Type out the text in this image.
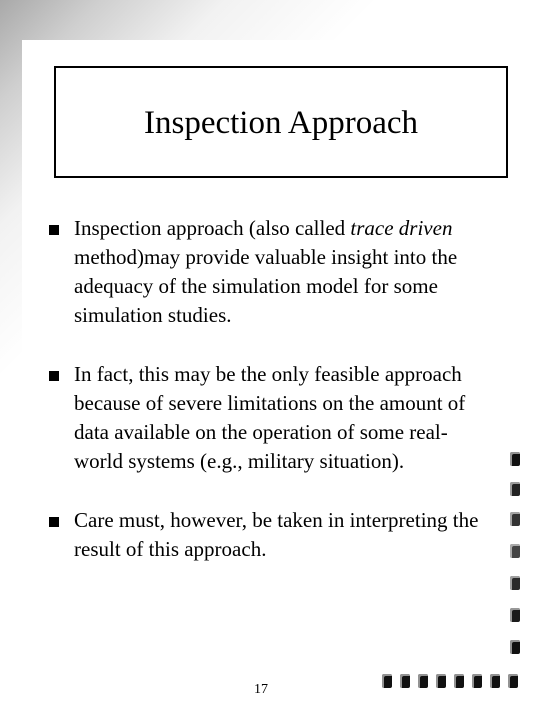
Inspection Approach
Inspection approach (also called trace driven method)may provide valuable insight into the adequacy of the simulation model for some simulation studies.
In fact, this may be the only feasible approach because of severe limitations on the amount of data available on the operation of some real-world systems (e.g., military situation).
Care must, however, be taken in interpreting the result of this approach.
17
